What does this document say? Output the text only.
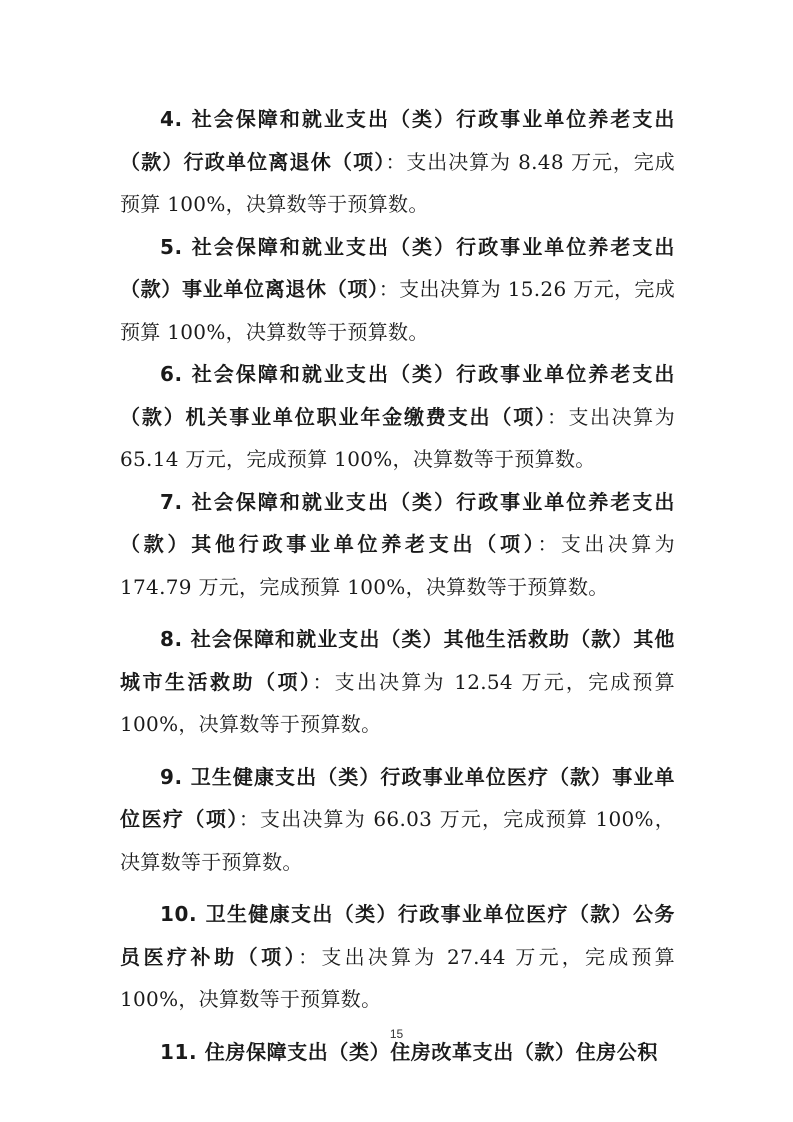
4. 社会保障和就业支出（类）行政事业单位养老支出（款）行政单位离退休（项）：支出决算为 8.48 万元，完成预算 100%，决算数等于预算数。

5. 社会保障和就业支出（类）行政事业单位养老支出（款）事业单位离退休（项）：支出决算为 15.26 万元，完成预算 100%，决算数等于预算数。

6. 社会保障和就业支出（类）行政事业单位养老支出（款）机关事业单位职业年金缴费支出（项）：支出决算为 65.14 万元，完成预算 100%，决算数等于预算数。

7. 社会保障和就业支出（类）行政事业单位养老支出（款）其他行政事业单位养老支出（项）：支出决算为 174.79 万元，完成预算 100%，决算数等于预算数。

8. 社会保障和就业支出（类）其他生活救助（款）其他城市生活救助（项）：支出决算为 12.54 万元，完成预算 100%，决算数等于预算数。

9. 卫生健康支出（类）行政事业单位医疗（款）事业单位医疗（项）：支出决算为 66.03 万元，完成预算 100%，决算数等于预算数。

10. 卫生健康支出（类）行政事业单位医疗（款）公务员医疗补助（项）：支出决算为 27.44 万元，完成预算 100%，决算数等于预算数。

11. 住房保障支出（类）住房改革支出（款）住房公积

15
